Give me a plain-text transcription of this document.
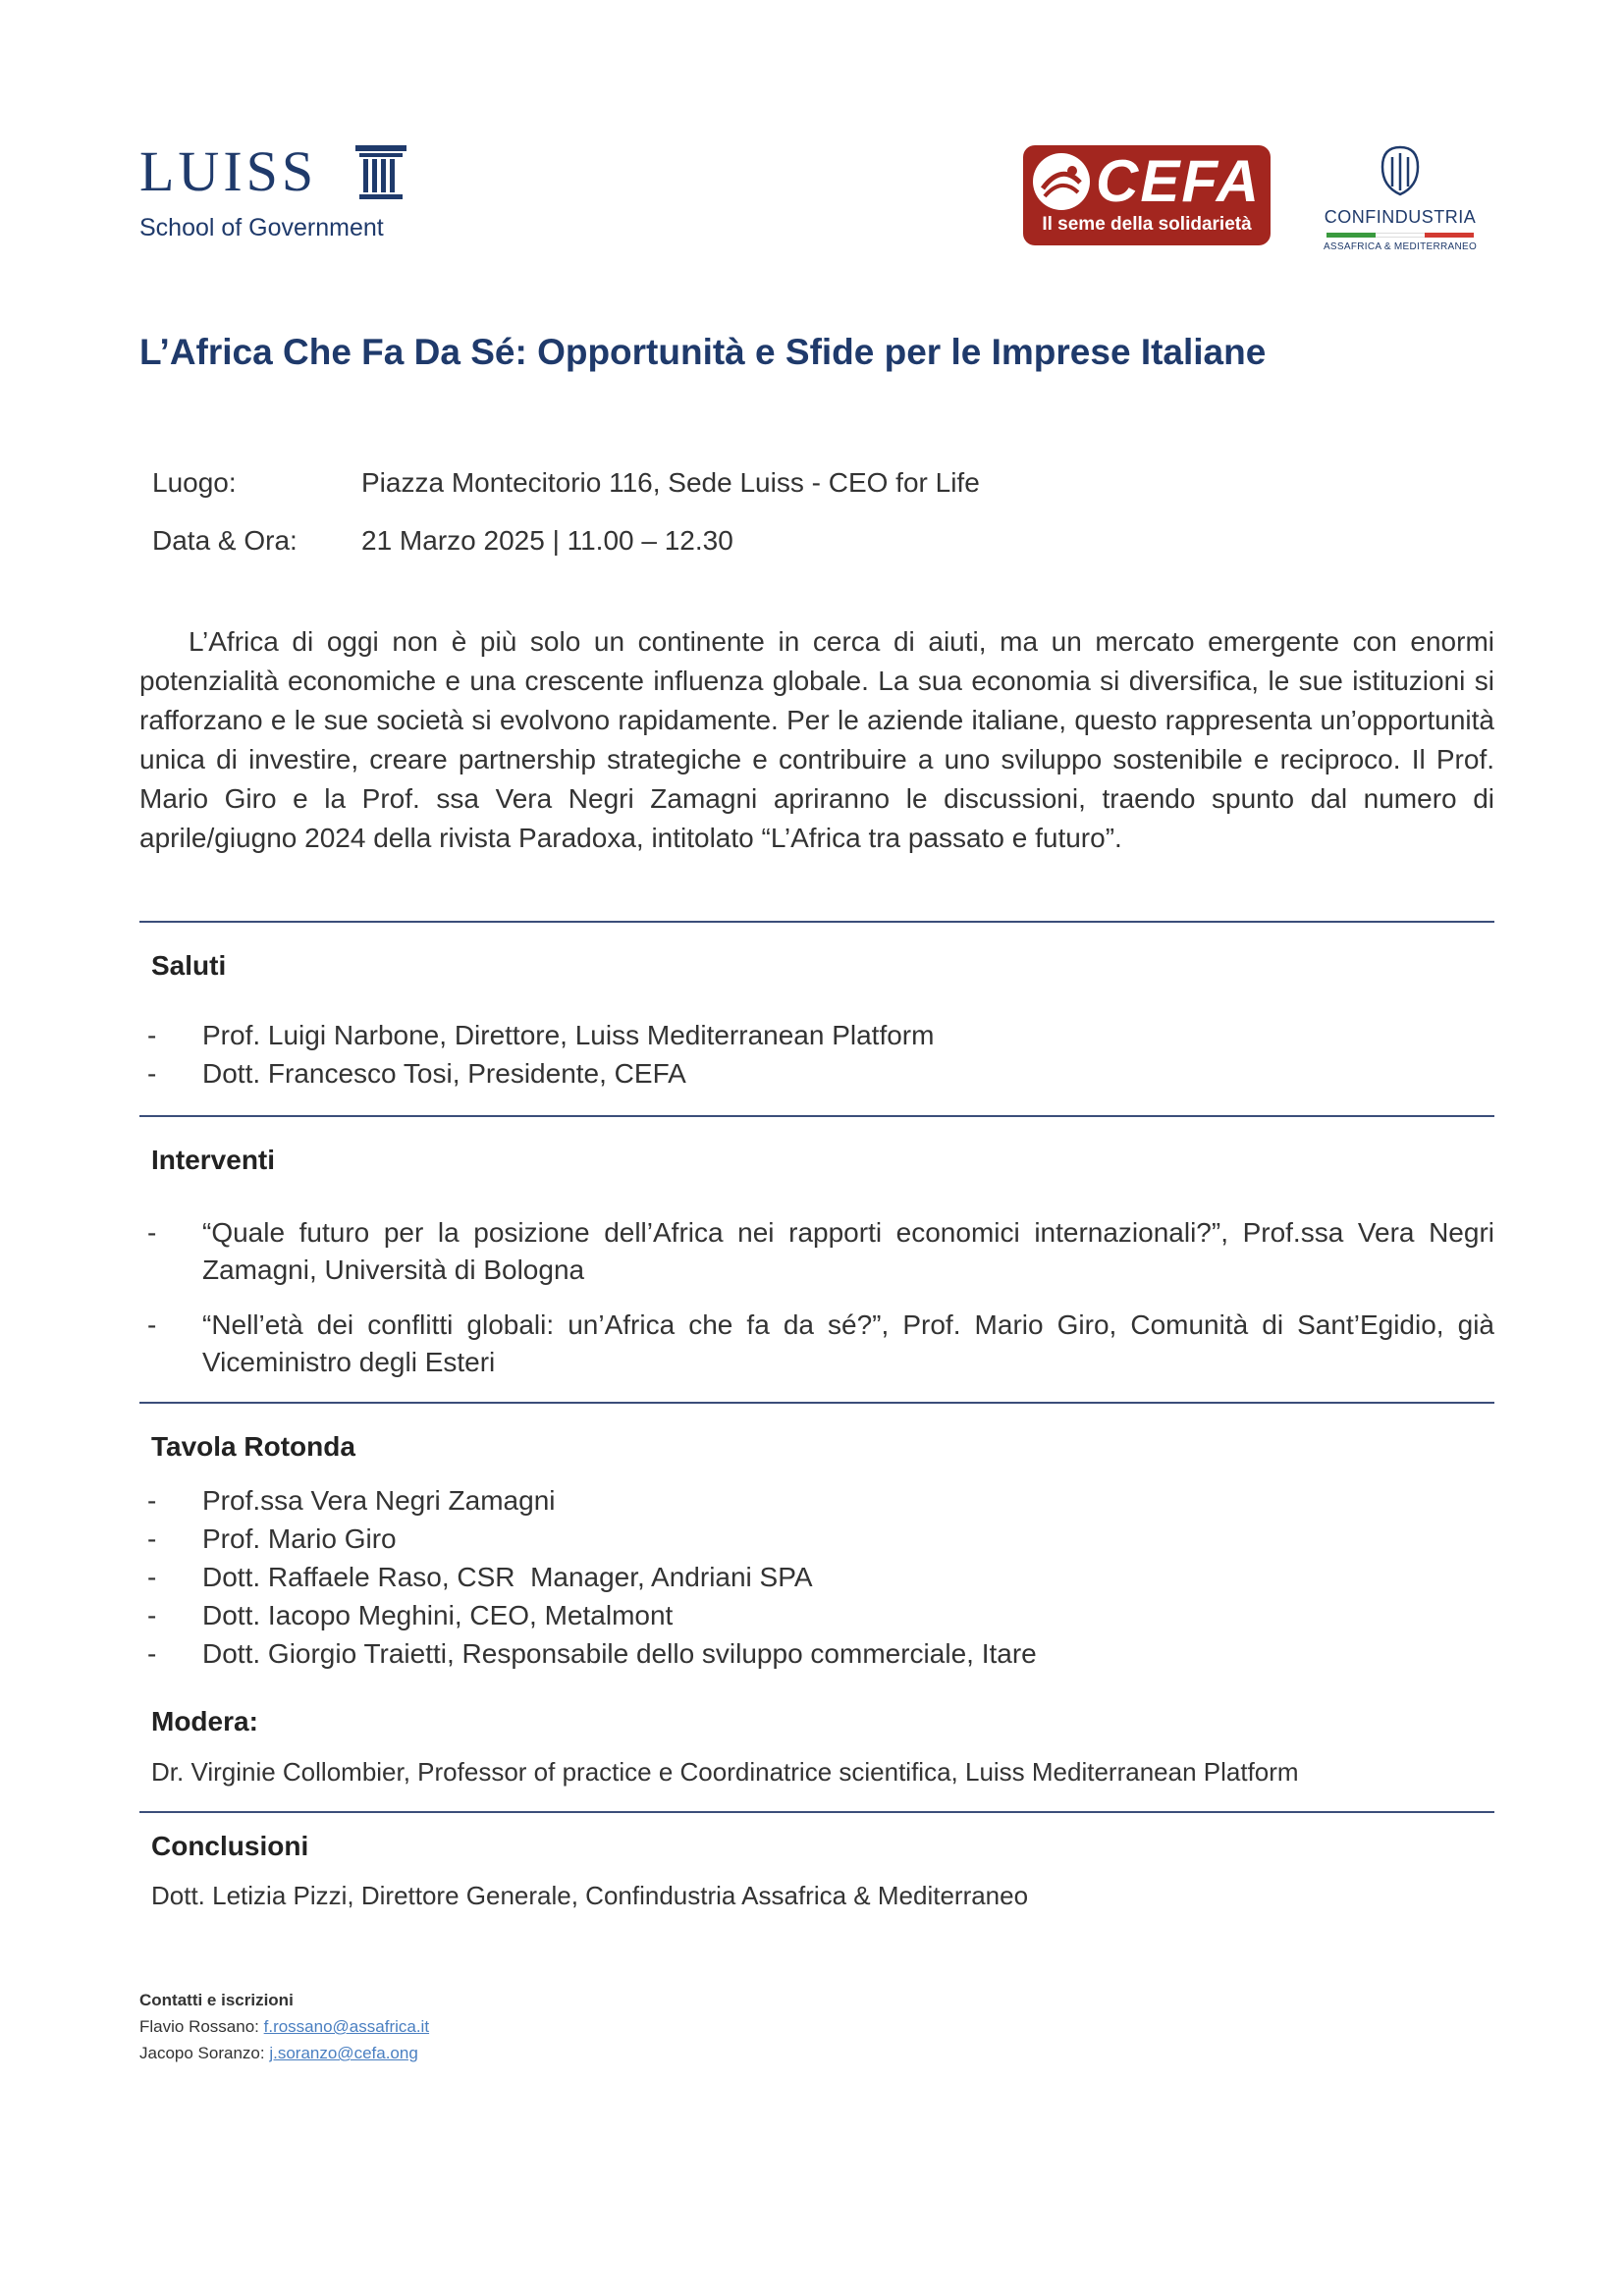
LUISS
School of Government
CEFA
Il seme della solidarietà	CONFINDUSTRIA
ASSAFRICA & MEDITERRANEO
L’Africa Che Fa Da Sé: Opportunità e Sfide per le Imprese Italiane
Luogo:	Piazza Montecitorio 116, Sede Luiss - CEO for Life
Data & Ora: 21 Marzo 2025 | 11.00 – 12.30
L’Africa di oggi non è più solo un continente in cerca di aiuti, ma un mercato emergente con enormi potenzialità economiche e una crescente influenza globale. La sua economia si diversifica, le sue istituzioni si rafforzano e le sue società si evolvono rapidamente. Per le aziende italiane, questo rappresenta un’opportunità unica di investire, creare partnership strategiche e contribuire a uno sviluppo sostenibile e reciproco. Il Prof. Mario Giro e la Prof. ssa Vera Negri Zamagni apriranno le discussioni, traendo spunto dal numero di aprile/giugno 2024 della rivista Paradoxa, intitolato “L’Africa tra passato e futuro”.
Saluti
- Prof. Luigi Narbone, Direttore, Luiss Mediterranean Platform
- Dott. Francesco Tosi, Presidente, CEFA
Interventi
- “Quale futuro per la posizione dell’Africa nei rapporti economici internazionali?”, Prof.ssa Vera Negri Zamagni, Università di Bologna
- “Nell’età dei conflitti globali: un’Africa che fa da sé?”, Prof. Mario Giro, Comunità di Sant’Egidio, già Viceministro degli Esteri
Tavola Rotonda
- Prof.ssa Vera Negri Zamagni
- Prof. Mario Giro
- Dott. Raffaele Raso, CSR  Manager, Andriani SPA
- Dott. Iacopo Meghini, CEO, Metalmont
- Dott. Giorgio Traietti, Responsabile dello sviluppo commerciale, Itare
Modera:
Dr. Virginie Collombier, Professor of practice e Coordinatrice scientifica, Luiss Mediterranean Platform
Conclusioni
Dott. Letizia Pizzi, Direttore Generale, Confindustria Assafrica & Mediterraneo
Contatti e iscrizioni
Flavio Rossano: f.rossano@assafrica.it
Jacopo Soranzo: j.soranzo@cefa.ong
